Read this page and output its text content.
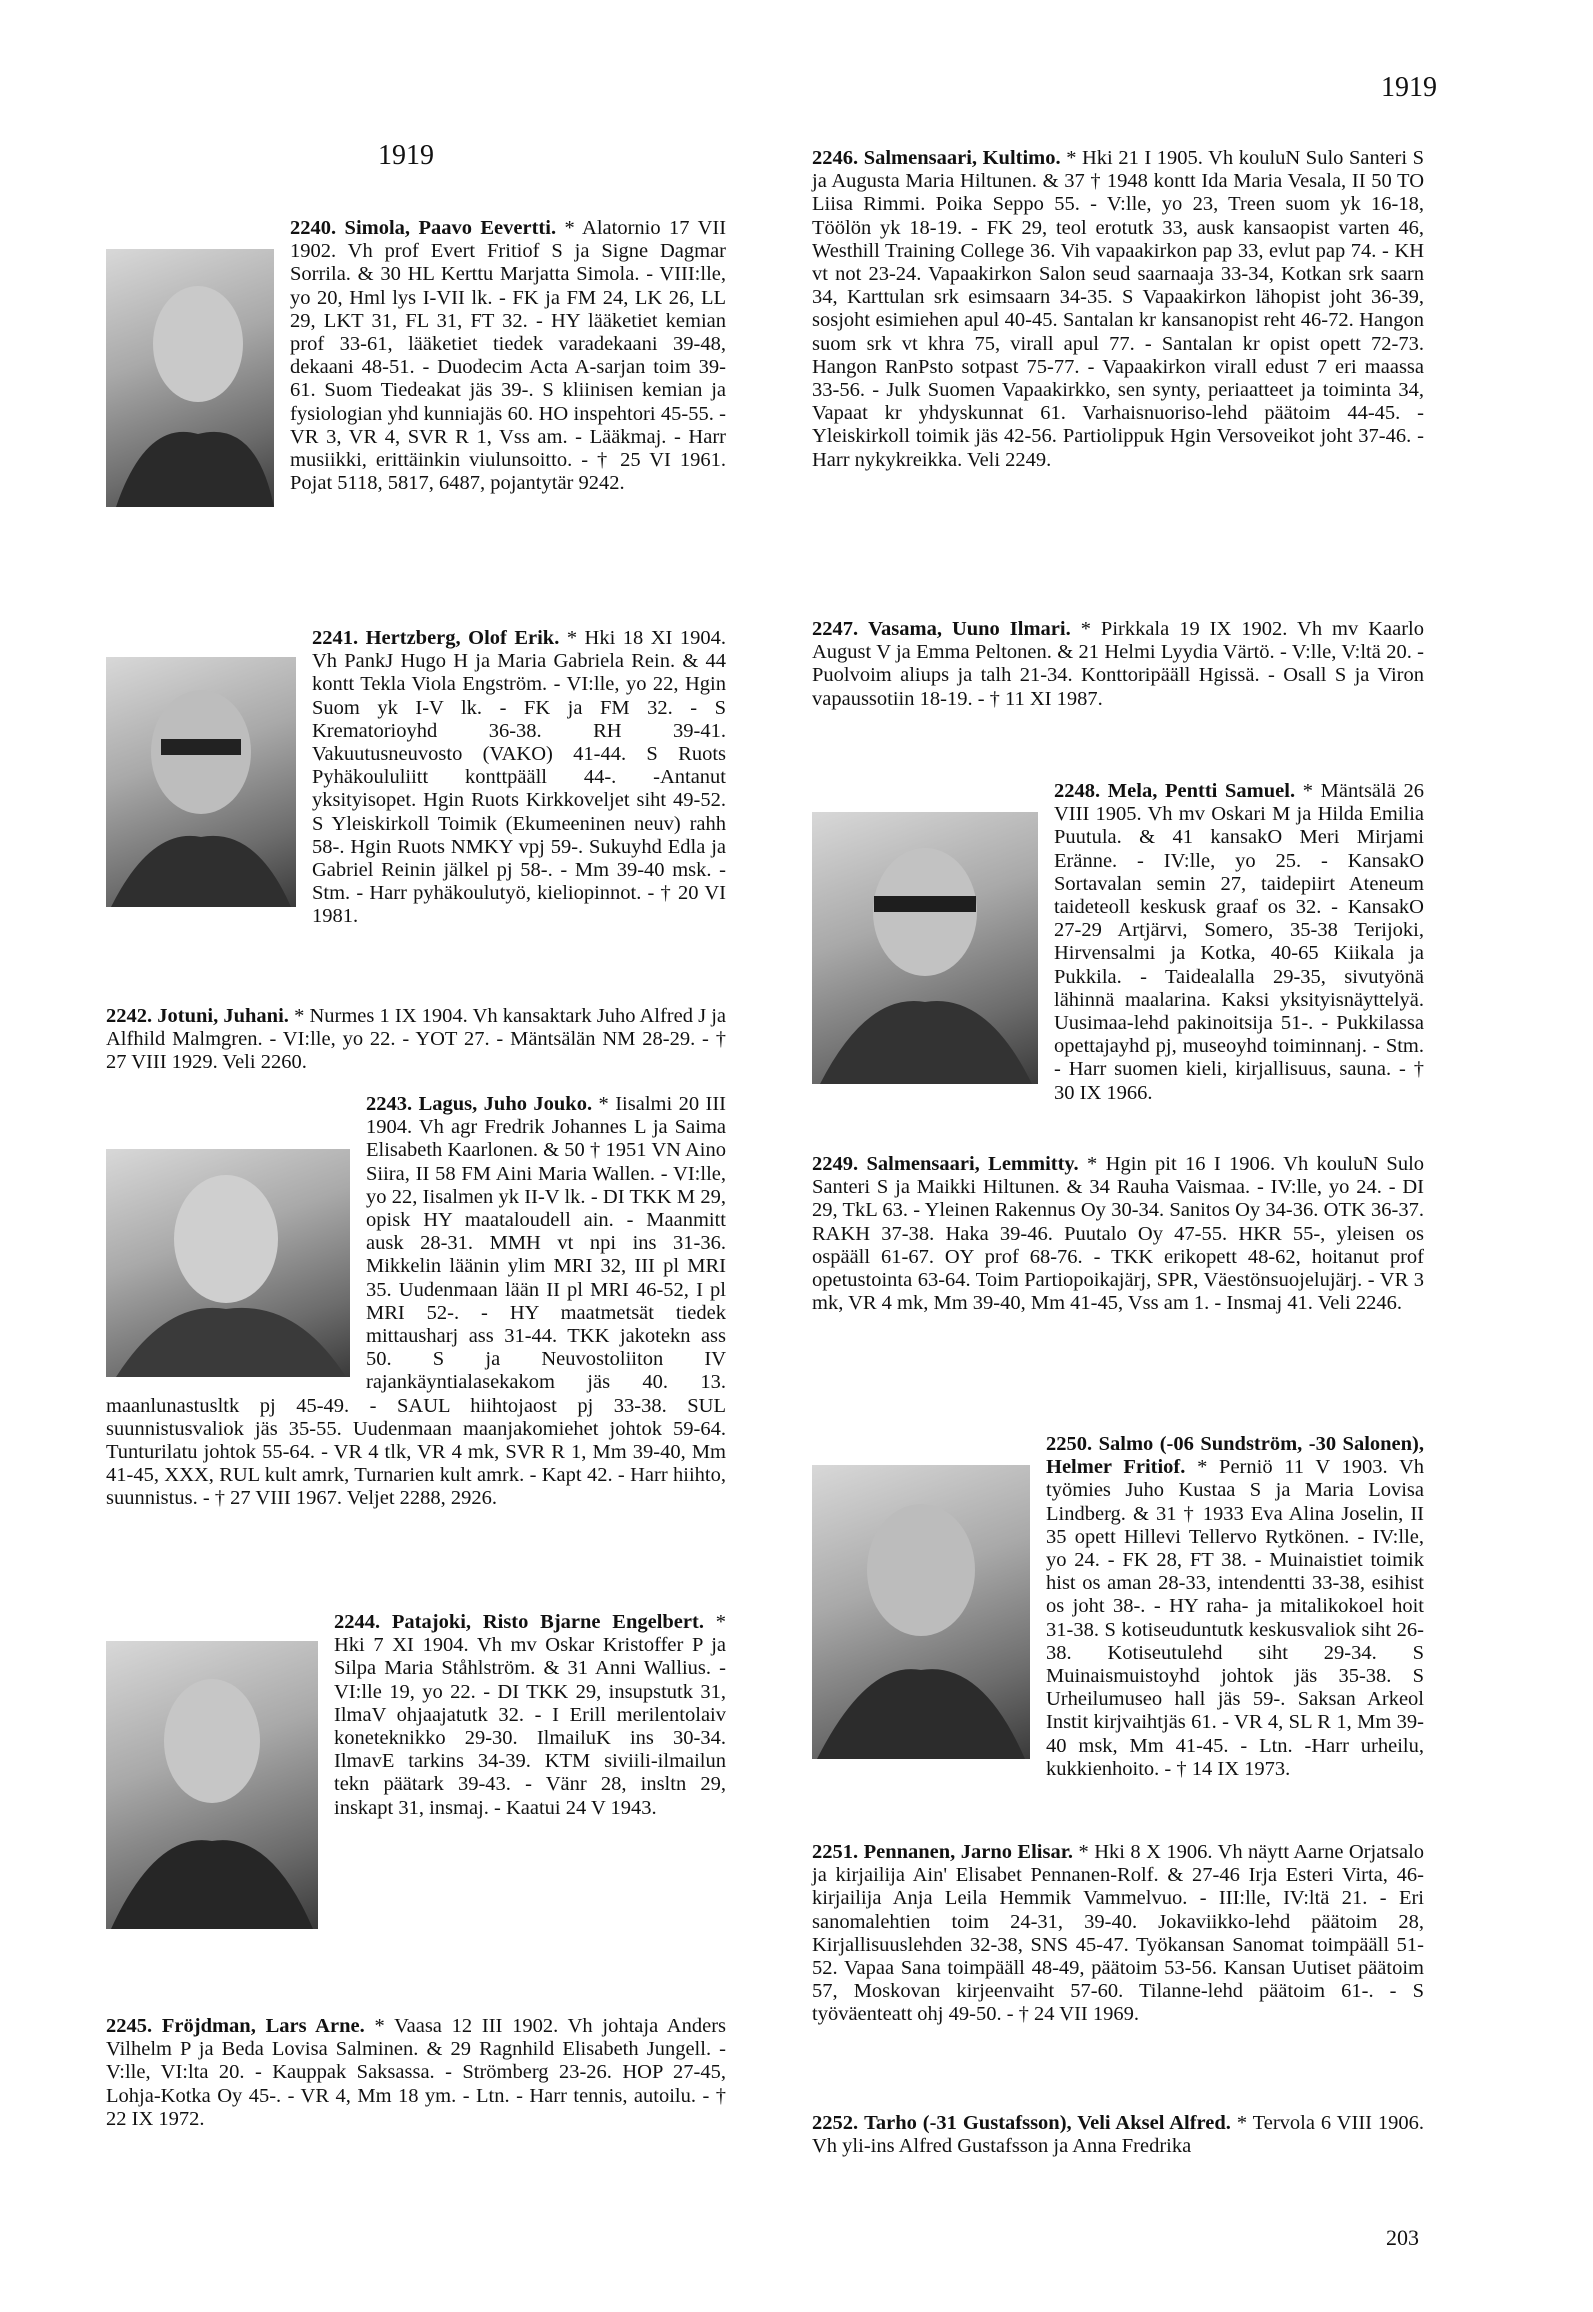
1919
1919

2240. Simola, Paavo Eevertti. * Alatornio 17 VII 1902. Vh prof Evert Fritiof S ja Signe Dagmar Sorrila. & 30 HL Kerttu Marjatta Simola. - VIII:lle, yo 20, Hml lys I-VII lk. - FK ja FM 24, LK 26, LL 29, LKT 31, FL 31, FT 32. - HY lääketiet kemian prof 33-61, lääketiet tiedek varadekaani 39-48, dekaani 48-51. - Duodecim Acta A-sarjan toim 39-61. Suom Tiedeakat jäs 39-. S kliinisen kemian ja fysiologian yhd kunniajäs 60. HO inspehtori 45-55. - VR 3, VR 4, SVR R 1, Vss am. - Lääkmaj. - Harr musiikki, erittäinkin viulunsoitto. - † 25 VI 1961. Pojat 5118, 5817, 6487, pojantytär 9242.

2241. Hertzberg, Olof Erik. * Hki 18 XI 1904. Vh PankJ Hugo H ja Maria Gabriela Rein. & 44 kontt Tekla Viola Engström. - VI:lle, yo 22, Hgin Suom yk I-V lk. - FK ja FM 32. - S Krematorioyhd 36-38. RH 39-41. Vakuutusneuvosto (VAKO) 41-44. S Ruots Pyhäkoululiitt konttpääll 44-. -Antanut yksityisopet. Hgin Ruots Kirkkoveljet siht 49-52. S Yleiskirkoll Toimik (Ekumeeninen neuv) rahh 58-. Hgin Ruots NMKY vpj 59-. Sukuyhd Edla ja Gabriel Reinin jälkel pj 58-. - Mm 39-40 msk. - Stm. - Harr pyhäkoulutyö, kieliopinnot. - † 20 VI 1981.

2242. Jotuni, Juhani. * Nurmes 1 IX 1904. Vh kansaktark Juho Alfred J ja Alfhild Malmgren. - VI:lle, yo 22. - YOT 27. - Mäntsälän NM 28-29. - † 27 VIII 1929. Veli 2260.

2243. Lagus, Juho Jouko. * Iisalmi 20 III 1904. Vh agr Fredrik Johannes L ja Saima Elisabeth Kaarlonen. & 50 † 1951 VN Aino Siira, II 58 FM Aini Maria Wallen. - VI:lle, yo 22, Iisalmen yk II-V lk. - DI TKK M 29, opisk HY maataloudell ain. - Maanmitt ausk 28-31. MMH vt npi ins 31-36. Mikkelin läänin ylim MRI 32, III pl MRI 35. Uudenmaan lään II pl MRI 46-52, I pl MRI 52-. - HY maatmetsät tiedek mittausharj ass 31-44. TKK jakotekn ass 50. S ja Neuvostoliiton IV rajankäyntialasekakom jäs 40. 13. maanlunastusltk pj 45-49. - SAUL hiihtojaost pj 33-38. SUL suunnistusvaliok jäs 35-55. Uudenmaan maanjakomiehet johtok 59-64. Tunturilatu johtok 55-64. - VR 4 tlk, VR 4 mk, SVR R 1, Mm 39-40, Mm 41-45, XXX, RUL kult amrk, Turnarien kult amrk. - Kapt 42. - Harr hiihto, suunnistus. - † 27 VIII 1967. Veljet 2288, 2926.

2244. Patajoki, Risto Bjarne Engelbert. * Hki 7 XI 1904. Vh mv Oskar Kristoffer P ja Silpa Maria Ståhlström. & 31 Anni Wallius. - VI:lle 19, yo 22. - DI TKK 29, insupstutk 31, IlmaV ohjaajatutk 32. - I Erill merilentolaiv koneteknikko 29-30. IlmailuK ins 30-34. IlmavE tarkins 34-39. KTM siviili-ilmailun tekn päätark 39-43. - Vänr 28, insltn 29, inskapt 31, insmaj. - Kaatui 24 V 1943.

2245. Fröjdman, Lars Arne. * Vaasa 12 III 1902. Vh johtaja Anders Vilhelm P ja Beda Lovisa Salminen. & 29 Ragnhild Elisabeth Jungell. - V:lle, VI:lta 20. - Kauppak Saksassa. - Strömberg 23-26. HOP 27-45, Lohja-Kotka Oy 45-. - VR 4, Mm 18 ym. - Ltn. - Harr tennis, autoilu. - † 22 IX 1972.

2246. Salmensaari, Kultimo. * Hki 21 I 1905. Vh kouluN Sulo Santeri S ja Augusta Maria Hiltunen. & 37 † 1948 kontt Ida Maria Vesala, II 50 TO Liisa Rimmi. Poika Seppo 55. - V:lle, yo 23, Treen suom yk 16-18, Töölön yk 18-19. - FK 29, teol erotutk 33, ausk kansaopist varten 46, Westhill Training College 36. Vih vapaakirkon pap 33, evlut pap 74. - KH vt not 23-24. Vapaakirkon Salon seud saarnaaja 33-34, Kotkan srk saarn 34, Karttulan srk esimsaarn 34-35. S Vapaakirkon lähopist joht 36-39, sosjoht esimiehen apul 40-45. Santalan kr kansanopist reht 46-72. Hangon suom srk vt khra 75, virall apul 77. - Santalan kr opist opett 72-73. Hangon RanPsto sotpast 75-77. - Vapaakirkon virall edust 7 eri maassa 33-56. - Julk Suomen Vapaakirkko, sen synty, periaatteet ja toiminta 34, Vapaat kr yhdyskunnat 61. Varhaisnuoriso-lehd päätoim 44-45. - Yleiskirkoll toimik jäs 42-56. Partiolippuk Hgin Versoveikot joht 37-46. - Harr nykykreikka. Veli 2249.

2247. Vasama, Uuno Ilmari. * Pirkkala 19 IX 1902. Vh mv Kaarlo August V ja Emma Peltonen. & 21 Helmi Lyydia Värtö. - V:lle, V:ltä 20. - Puolvoim aliups ja talh 21-34. Konttoripääll Hgissä. - Osall S ja Viron vapaussotiin 18-19. - † 11 XI 1987.

2248. Mela, Pentti Samuel. * Mäntsälä 26 VIII 1905. Vh mv Oskari M ja Hilda Emilia Puutula. & 41 kansakO Meri Mirjami Eränne. - IV:lle, yo 25. - KansakO Sortavalan semin 27, taidepiirt Ateneum taideteoll keskusk graaf os 32. - KansakO 27-29 Artjärvi, Somero, 35-38 Terijoki, Hirvensalmi ja Kotka, 40-65 Kiikala ja Pukkila. - Taidealalla 29-35, sivutyönä lähinnä maalarina. Kaksi yksityisnäyttelyä. Uusimaa-lehd pakinoitsija 51-. - Pukkilassa opettajayhd pj, museoyhd toiminnanj. - Stm. - Harr suomen kieli, kirjallisuus, sauna. - † 30 IX 1966.

2249. Salmensaari, Lemmitty. * Hgin pit 16 I 1906. Vh kouluN Sulo Santeri S ja Maikki Hiltunen. & 34 Rauha Vaismaa. - IV:lle, yo 24. - DI 29, TkL 63. - Yleinen Rakennus Oy 30-34. Sanitos Oy 34-36. OTK 36-37. RAKH 37-38. Haka 39-46. Puutalo Oy 47-55. HKR 55-, yleisen os ospääll 61-67. OY prof 68-76. - TKK erikopett 48-62, hoitanut prof opetustointa 63-64. Toim Partiopoikajärj, SPR, Väestönsuojelujärj. - VR 3 mk, VR 4 mk, Mm 39-40, Mm 41-45, Vss am 1. - Insmaj 41. Veli 2246.

2250. Salmo (-06 Sundström, -30 Salonen), Helmer Fritiof. * Perniö 11 V 1903. Vh työmies Juho Kustaa S ja Maria Lovisa Lindberg. & 31 † 1933 Eva Alina Joselin, II 35 opett Hillevi Tellervo Rytkönen. - IV:lle, yo 24. - FK 28, FT 38. - Muinaistiet toimik hist os aman 28-33, intendentti 33-38, esihist os joht 38-. - HY raha- ja mitalikokoel hoit 31-38. S kotiseuduntutk keskusvaliok siht 26-38. Kotiseutulehd siht 29-34. S Muinaismuistoyhd johtok jäs 35-38. S Urheilumuseo hall jäs 59-. Saksan Arkeol Instit kirjvaihtjäs 61. - VR 4, SL R 1, Mm 39-40 msk, Mm 41-45. - Ltn. -Harr urheilu, kukkienhoito. - † 14 IX 1973.

2251. Pennanen, Jarno Elisar. * Hki 8 X 1906. Vh näytt Aarne Orjatsalo ja kirjailija Ain' Elisabet Pennanen-Rolf. & 27-46 Irja Esteri Virta, 46- kirjailija Anja Leila Hemmik Vammelvuo. - III:lle, IV:ltä 21. - Eri sanomalehtien toim 24-31, 39-40. Jokaviikko-lehd päätoim 28, Kirjallisuuslehden 32-38, SNS 45-47. Työkansan Sanomat toimpääll 51-52. Vapaa Sana toimpääll 48-49, päätoim 53-56. Kansan Uutiset päätoim 57, Moskovan kirjeenvaiht 57-60. Tilanne-lehd päätoim 61-. - S työväenteatt ohj 49-50. - † 24 VII 1969.

2252. Tarho (-31 Gustafsson), Veli Aksel Alfred. * Tervola 6 VIII 1906. Vh yli-ins Alfred Gustafsson ja Anna Fredrika

203
